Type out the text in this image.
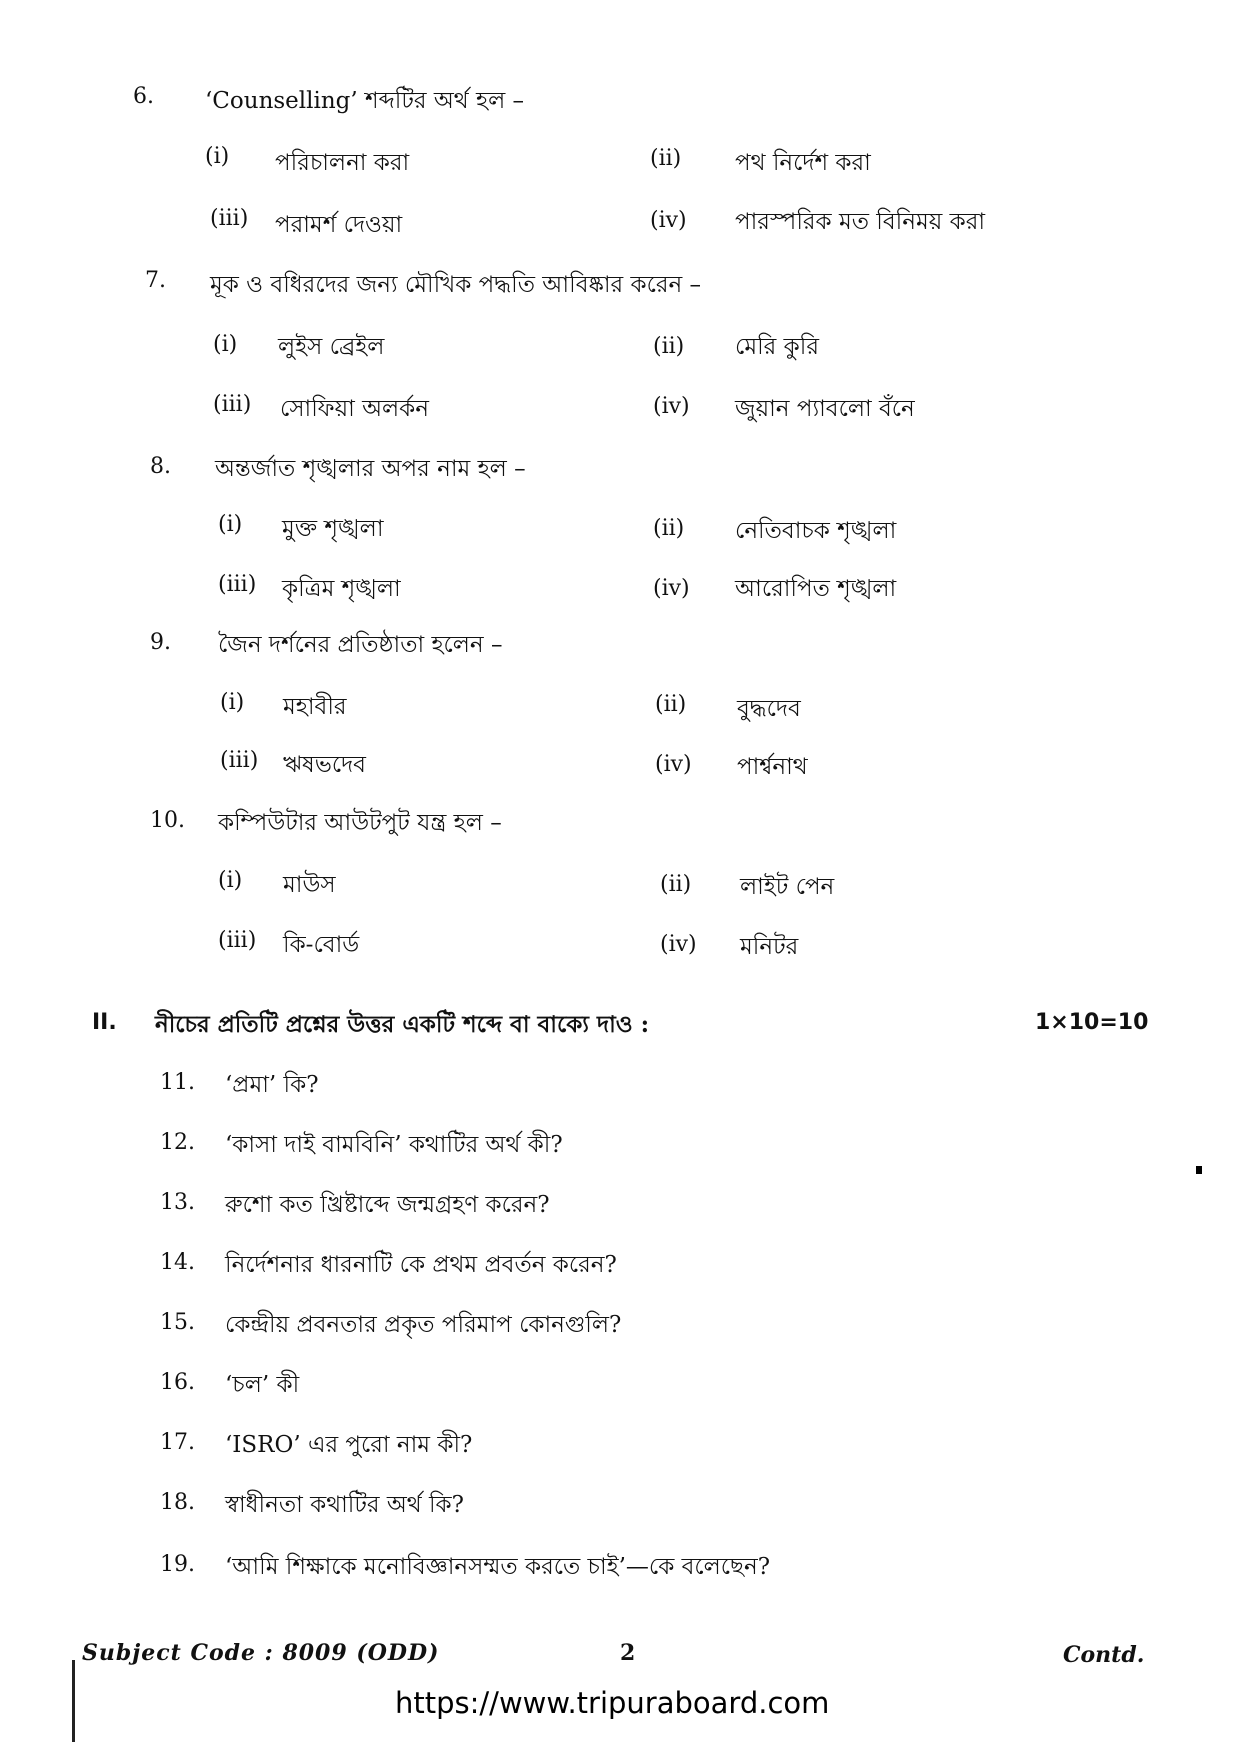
6. ‘Counselling’ শব্দটির অর্থ হল –
(i) পরিচালনা করা	(ii) পথ নির্দেশ করা
(iii) পরামর্শ দেওয়া	(iv) পারস্পরিক মত বিনিময় করা
7. মূক ও বধিরদের জন্য মৌখিক পদ্ধতি আবিষ্কার করেন –
(i) লুইস ব্রেইল	(ii) মেরি কুরি
(iii) সোফিয়া অলর্কন	(iv) জুয়ান প্যাবলো বঁনে
8. অন্তর্জাত শৃঙ্খলার অপর নাম হল –
(i) মুক্ত শৃঙ্খলা	(ii) নেতিবাচক শৃঙ্খলা
(iii) কৃত্রিম শৃঙ্খলা	(iv) আরোপিত শৃঙ্খলা
9. জৈন দর্শনের প্রতিষ্ঠাতা হলেন –
(i) মহাবীর	(ii) বুদ্ধদেব
(iii) ঋষভদেব	(iv) পার্শ্বনাথ
10. কম্পিউটার আউটপুট যন্ত্র হল –
(i) মাউস	(ii) লাইট পেন
(iii) কি-বোর্ড	(iv) মনিটর
II. নীচের প্রতিটি প্রশ্নের উত্তর একটি শব্দে বা বাক্যে দাও :	1×10=10
11. ‘প্রমা’ কি?
12. ‘কাসা দাই বামবিনি’ কথাটির অর্থ কী?
13. রুশো কত খ্রিষ্টাব্দে জন্মগ্রহণ করেন?
14. নির্দেশনার ধারনাটি কে প্রথম প্রবর্তন করেন?
15. কেন্দ্রীয় প্রবনতার প্রকৃত পরিমাপ কোনগুলি?
16. ‘চল’ কী
17. ‘ISRO’ এর পুরো নাম কী?
18. স্বাধীনতা কথাটির অর্থ কি?
19. ‘আমি শিক্ষাকে মনোবিজ্ঞানসম্মত করতে চাই’—কে বলেছেন?
Subject Code : 8009 (ODD)	2	Contd.
https://www.tripuraboard.com
